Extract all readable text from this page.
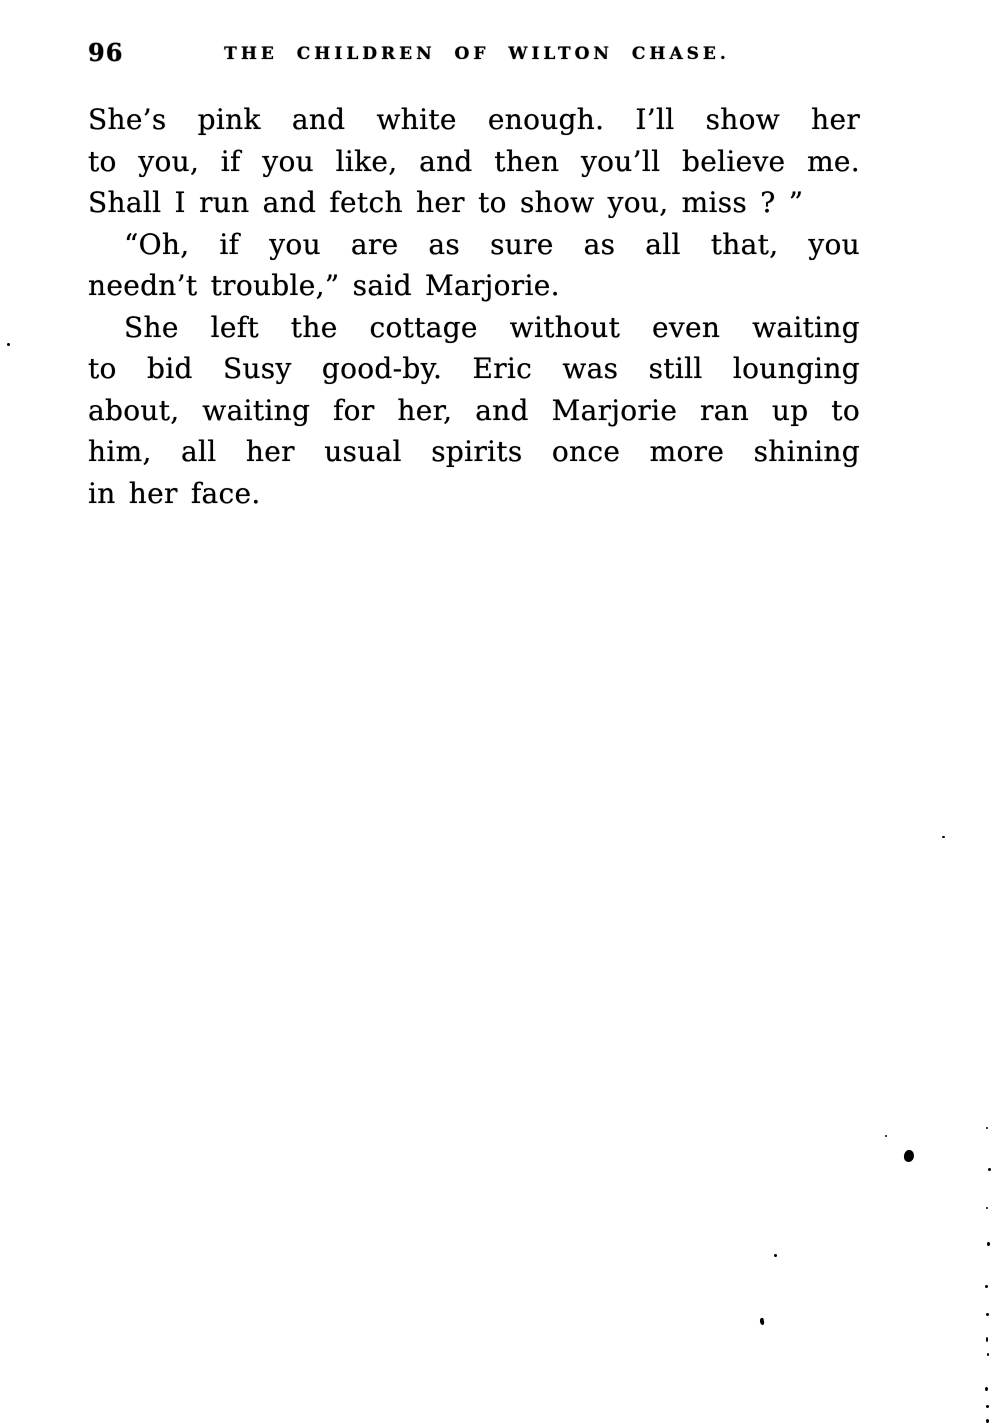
96	THE CHILDREN OF WILTON CHASE.
She’s pink and white enough. I’ll show her
to you, if you like, and then you’ll believe me.
Shall I run and fetch her to show you, miss ? ”
“Oh, if you are as sure as all that, you
needn’t trouble,” said Marjorie.
She left the cottage without even waiting
to bid Susy good-by. Eric was still lounging
about, waiting for her, and Marjorie ran up to
him, all her usual spirits once more shining
in her face.
